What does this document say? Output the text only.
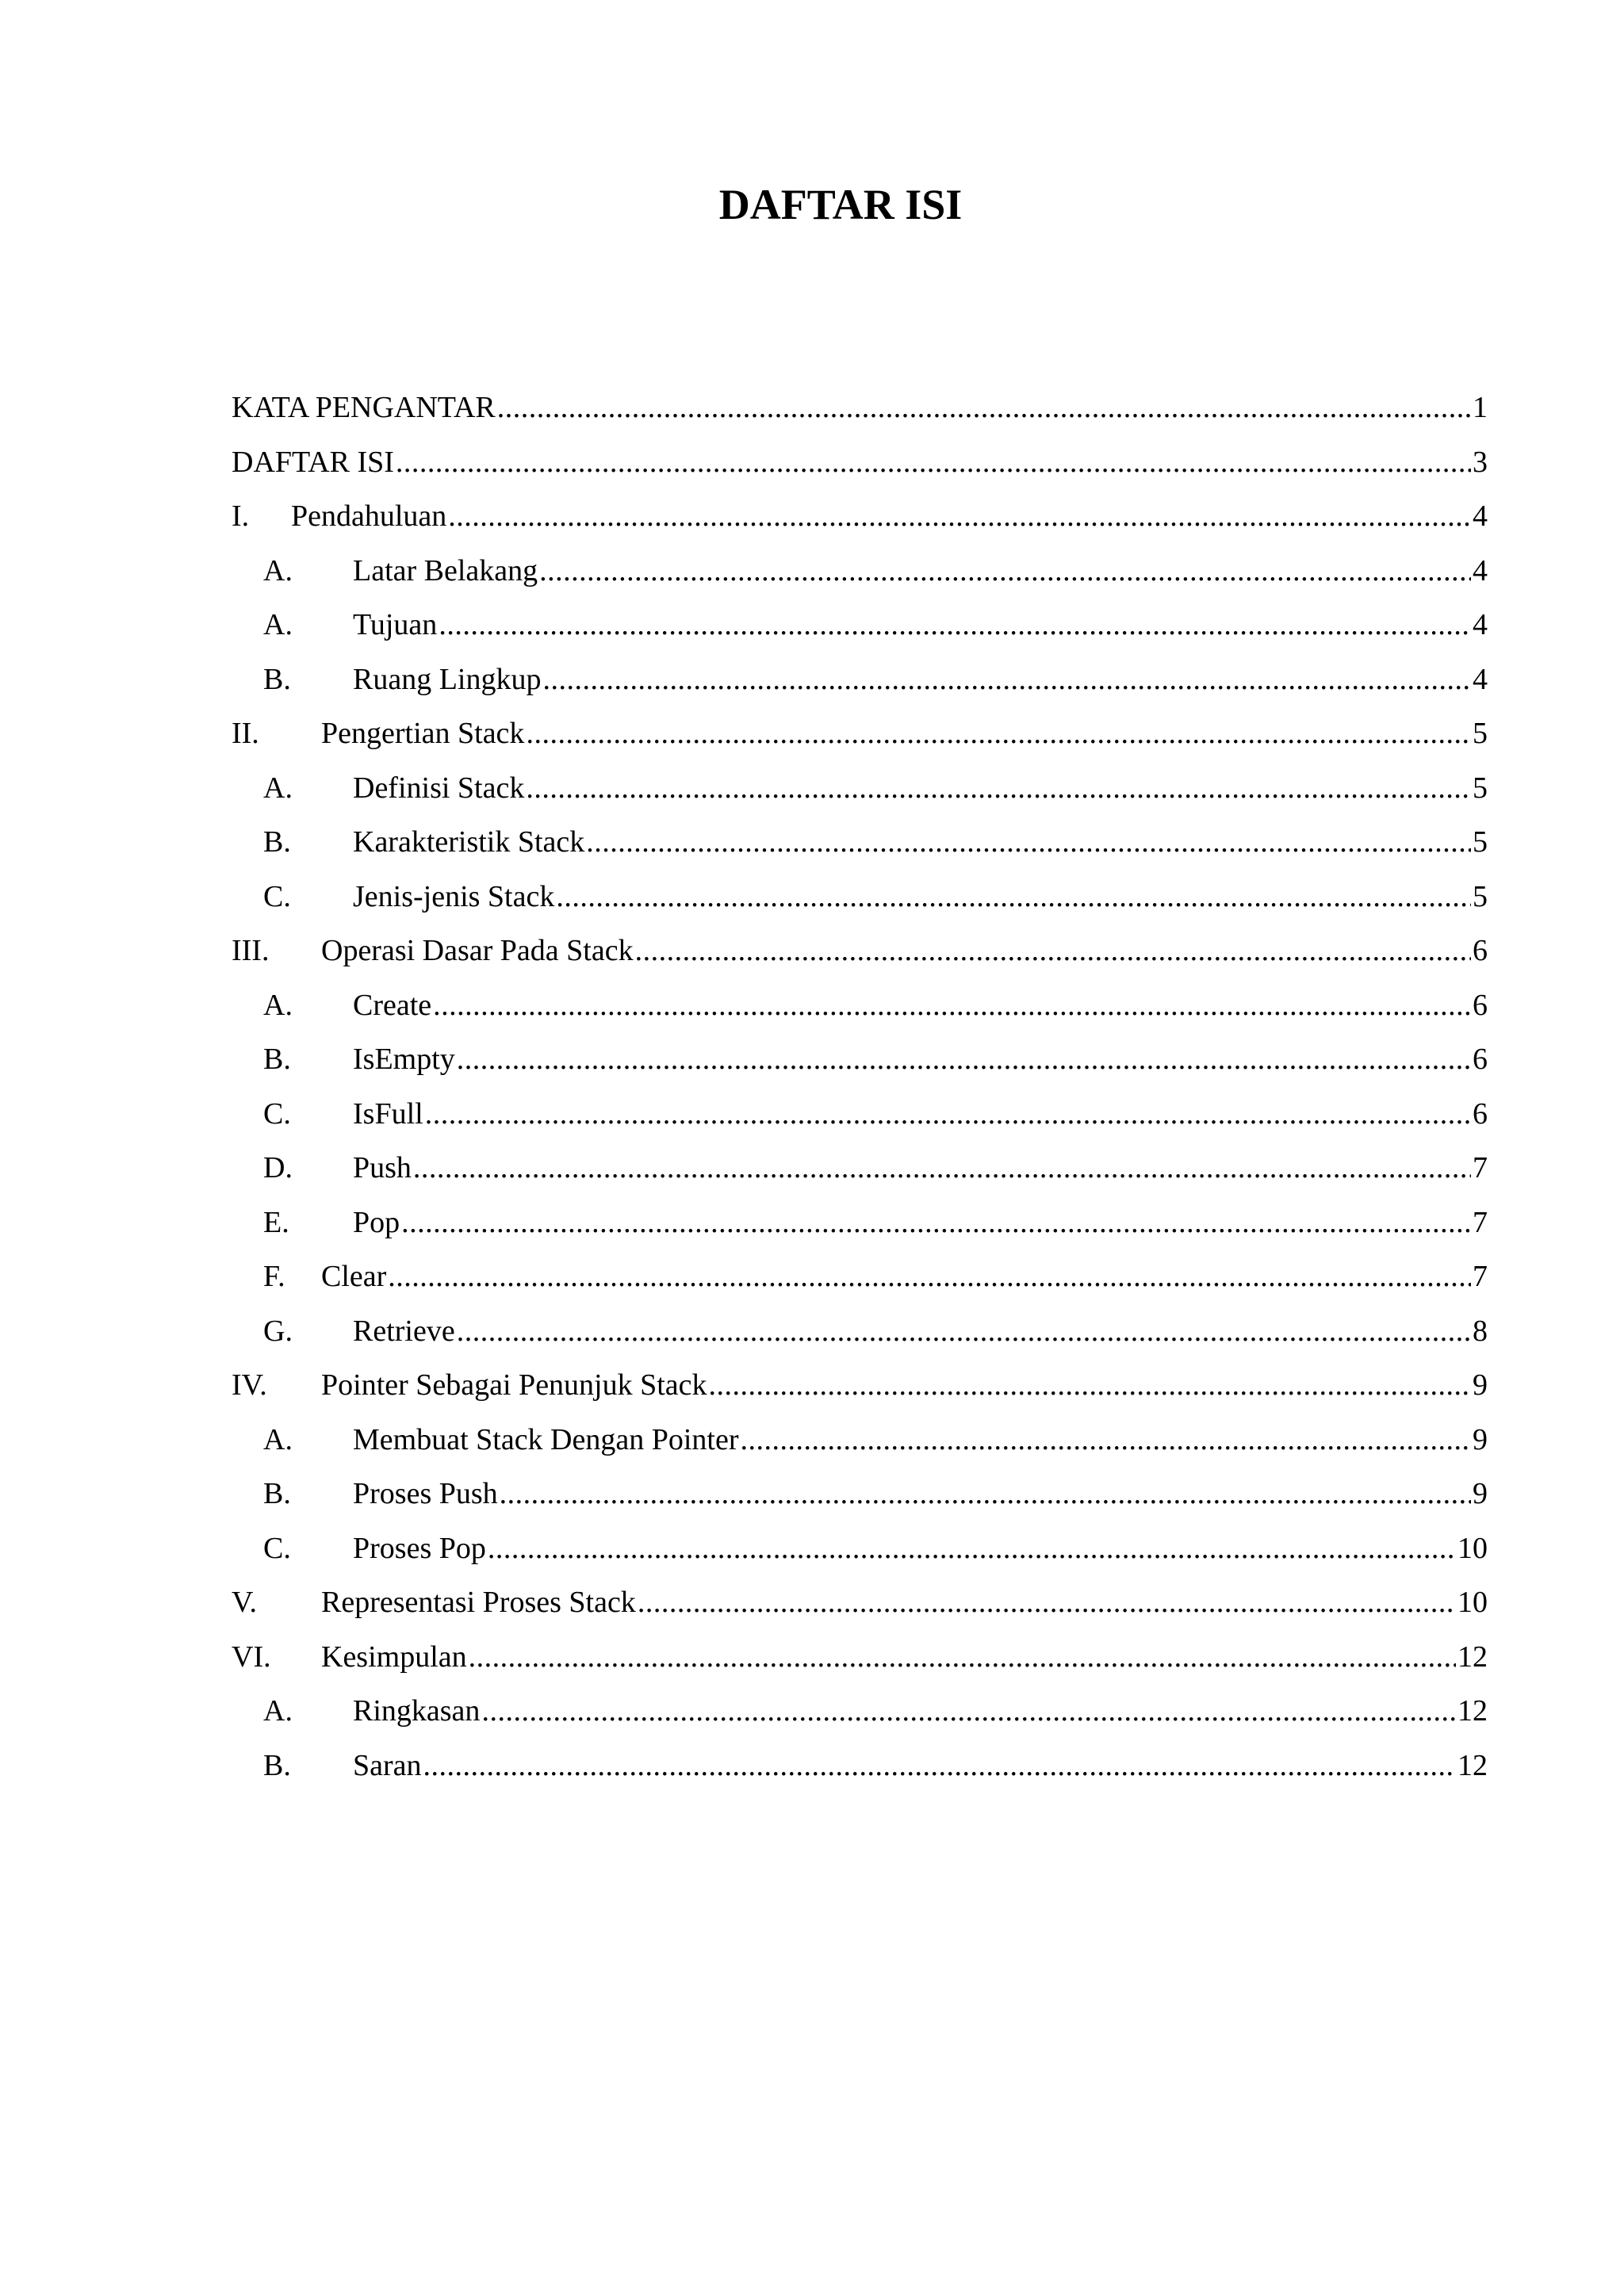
DAFTAR ISI
KATA PENGANTAR .....	1
DAFTAR ISI .....	3
I.	Pendahuluan .....	4
A.	Latar Belakang .....	4
A.	Tujuan .....	4
B.	Ruang Lingkup .....	4
II.	Pengertian Stack .....	5
A.	Definisi Stack .....	5
B.	Karakteristik Stack .....	5
C.	Jenis-jenis Stack .....	5
III.	Operasi Dasar Pada Stack .....	6
A.	Create .....	6
B.	IsEmpty .....	6
C.	IsFull .....	6
D.	Push .....	7
E.	Pop .....	7
F.	Clear .....	7
G.	Retrieve .....	8
IV.	Pointer Sebagai Penunjuk Stack .....	9
A.	Membuat Stack Dengan Pointer .....	9
B.	Proses Push .....	9
C.	Proses Pop .....	10
V.	Representasi Proses Stack .....	10
VI.	Kesimpulan .....	12
A.	Ringkasan .....	12
B.	Saran .....	12
